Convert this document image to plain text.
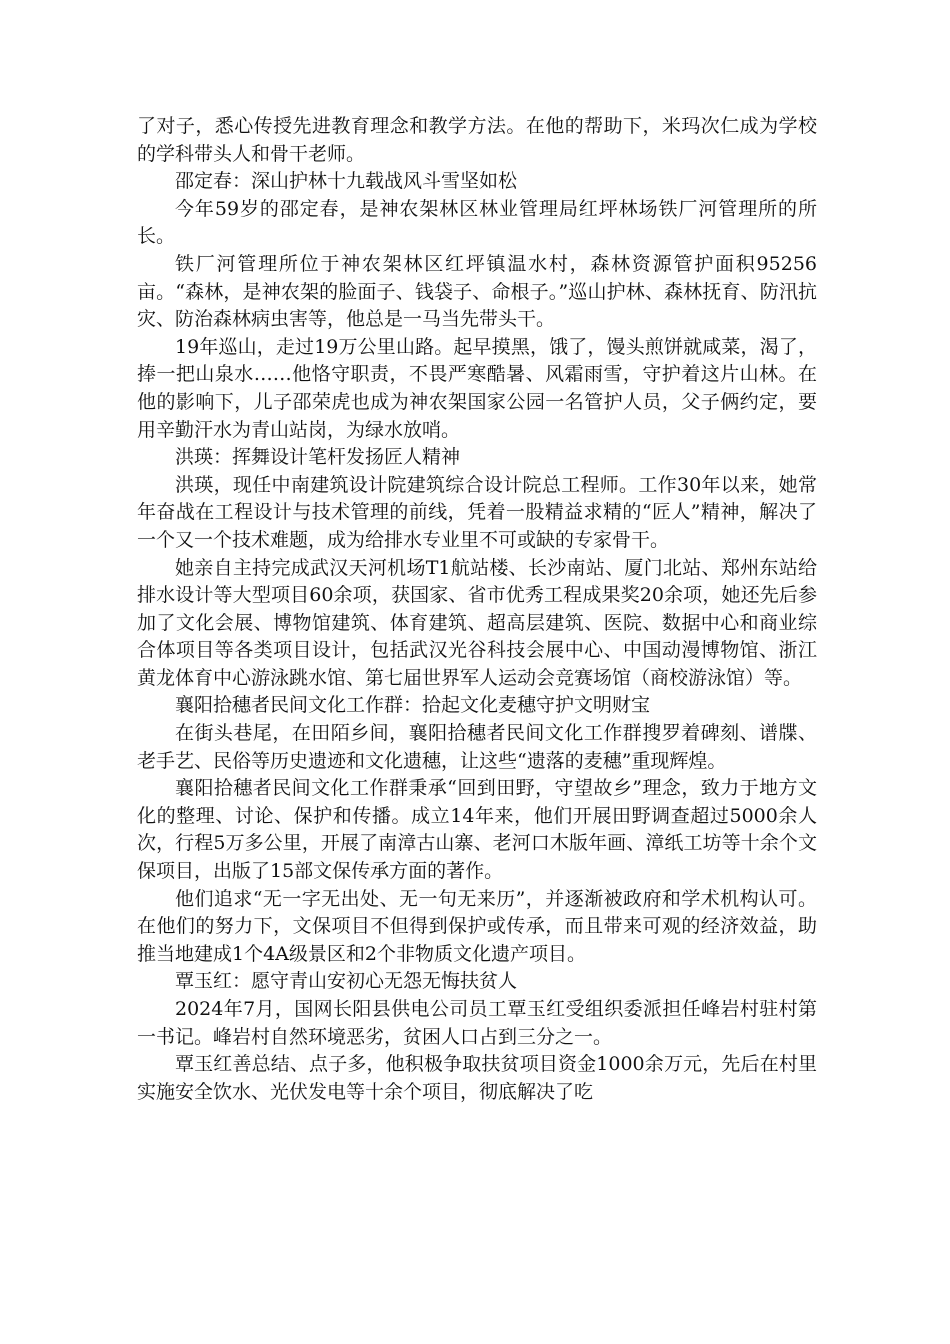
了对子，悉心传授先进教育理念和教学方法。在他的帮助下，米玛次仁成为学校的学科带头人和骨干老师。

邵定春：深山护林十九载战风斗雪坚如松

今年59岁的邵定春，是神农架林区林业管理局红坪林场铁厂河管理所的所长。

铁厂河管理所位于神农架林区红坪镇温水村，森林资源管护面积95256亩。“森林，是神农架的脸面子、钱袋子、命根子。”巡山护林、森林抚育、防汛抗灾、防治森林病虫害等，他总是一马当先带头干。

19年巡山，走过19万公里山路。起早摸黑，饿了，馒头煎饼就咸菜，渴了，捧一把山泉水……他恪守职责，不畏严寒酷暑、风霜雨雪，守护着这片山林。在他的影响下，儿子邵荣虎也成为神农架国家公园一名管护人员，父子俩约定，要用辛勤汗水为青山站岗，为绿水放哨。

洪瑛：挥舞设计笔杆发扬匠人精神

洪瑛，现任中南建筑设计院建筑综合设计院总工程师。工作30年以来，她常年奋战在工程设计与技术管理的前线，凭着一股精益求精的“匠人”精神，解决了一个又一个技术难题，成为给排水专业里不可或缺的专家骨干。

她亲自主持完成武汉天河机场T1航站楼、长沙南站、厦门北站、郑州东站给排水设计等大型项目60余项，获国家、省市优秀工程成果奖20余项，她还先后参加了文化会展、博物馆建筑、体育建筑、超高层建筑、医院、数据中心和商业综合体项目等各类项目设计，包括武汉光谷科技会展中心、中国动漫博物馆、浙江黄龙体育中心游泳跳水馆、第七届世界军人运动会竞赛场馆（商校游泳馆）等。

襄阳拾穗者民间文化工作群：拾起文化麦穗守护文明财宝

在街头巷尾，在田陌乡间，襄阳拾穗者民间文化工作群搜罗着碑刻、谱牒、老手艺、民俗等历史遗迹和文化遗穗，让这些“遗落的麦穗”重现辉煌。

襄阳拾穗者民间文化工作群秉承“回到田野，守望故乡”理念，致力于地方文化的整理、讨论、保护和传播。成立14年来，他们开展田野调查超过5000余人次，行程5万多公里，开展了南漳古山寨、老河口木版年画、漳纸工坊等十余个文保项目，出版了15部文保传承方面的著作。

他们追求“无一字无出处、无一句无来历”，并逐渐被政府和学术机构认可。在他们的努力下，文保项目不但得到保护或传承，而且带来可观的经济效益，助推当地建成1个4A级景区和2个非物质文化遗产项目。

覃玉红：愿守青山安初心无怨无悔扶贫人

2024年7月，国网长阳县供电公司员工覃玉红受组织委派担任峰岩村驻村第一书记。峰岩村自然环境恶劣，贫困人口占到三分之一。

覃玉红善总结、点子多，他积极争取扶贫项目资金1000余万元，先后在村里实施安全饮水、光伏发电等十余个项目，彻底解决了吃
